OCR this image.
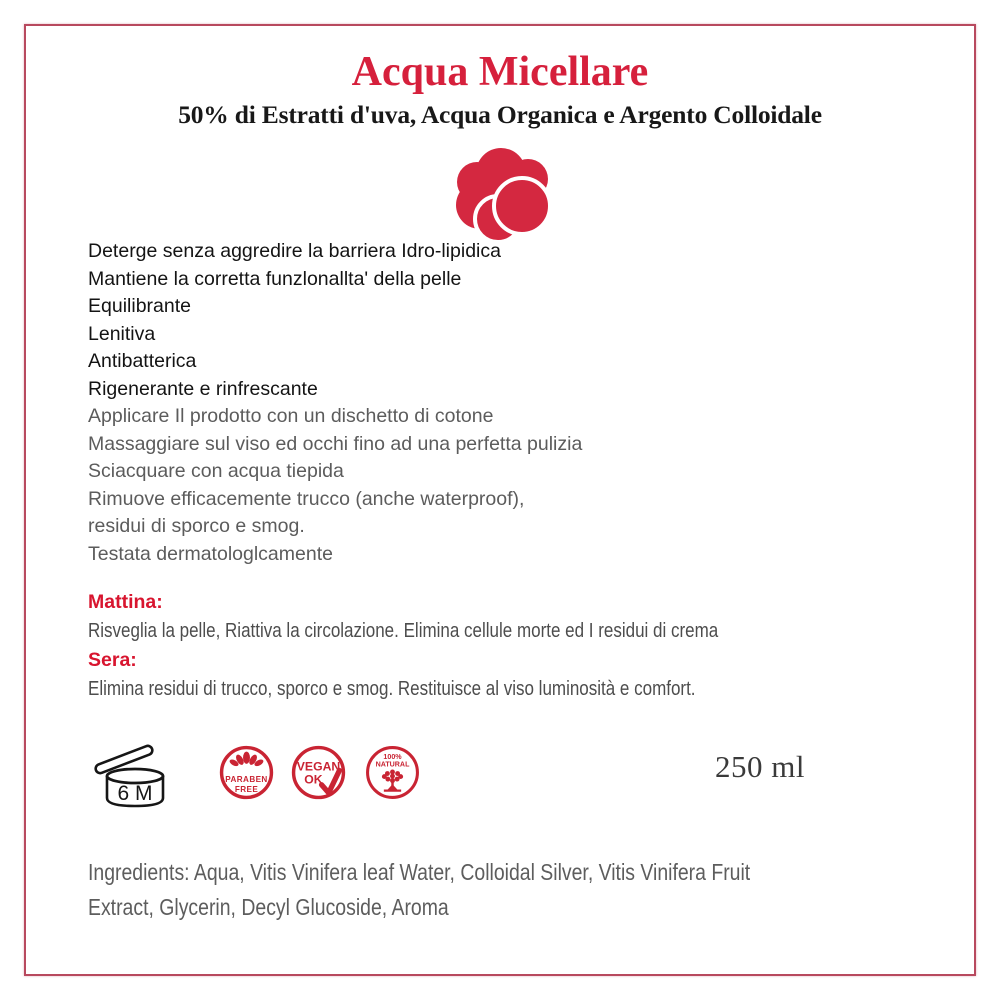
Acqua Micellare
50% di Estratti d'uva, Acqua Organica e Argento Colloidale
Deterge senza aggredire la barriera Idro-lipidica
Mantiene la corretta funzlonallta' della pelle
Equilibrante
Lenitiva
Antibatterica
Rigenerante e rinfrescante
Applicare Il prodotto con un dischetto di cotone
Massaggiare sul viso ed occhi fino ad una perfetta pulizia
Sciacquare con acqua tiepida
Rimuove efficacemente trucco (anche waterproof),
residui di sporco e smog.
Testata dermatologlcamente
Mattina:
Risveglia la pelle, Riattiva la circolazione. Elimina cellule morte ed I residui di crema
Sera:
Elimina residui di trucco, sporco e smog. Restituisce al viso luminosità e comfort.
6 M
PARABEN
FREE
VEGAN
OK
100%
NATURAL	250 ml
Ingredients: Aqua, Vitis Vinifera leaf Water, Colloidal Silver, Vitis Vinifera Fruit
Extract, Glycerin, Decyl Glucoside, Aroma
